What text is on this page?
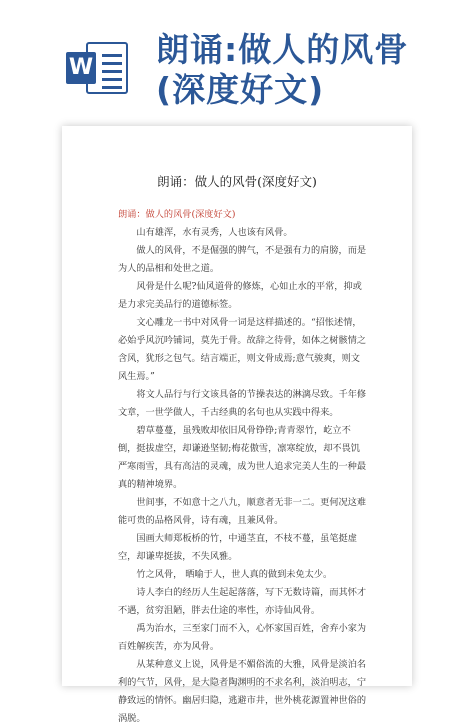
W 朗诵:做人的风骨
(深度好文)
朗诵：做人的风骨(深度好文)

朗诵：做人的风骨(深度好文)

山有雄浑，水有灵秀，人也该有风骨。

做人的风骨，不是倔强的脾气，不是强有力的肩膀，而是为人的品相和处世之道。

风骨是什么呢?仙风道骨的修炼，心如止水的平常，抑或是力求完美品行的道德标签。

文心雕龙一书中对风骨一词是这样描述的。“招怅述情，必始乎风沉吟铺词，莫先于骨。故辞之待骨，如体之树骸情之含风，犹形之包气。结言端正，则文骨成焉;意气骏爽，则文风生焉。”

将文人品行与行文该具备的节操表达的淋漓尽致。千年修文章，一世学做人，千古经典的名句也从实践中得来。

碧草蔓蔓，虽残败却依旧风骨铮铮;青青翠竹，屹立不倒，挺拔虚空，却谦逊坚韧;梅花傲雪，凛寒绽放，却不畏饥严寒雨雪，具有高洁的灵魂，成为世人追求完美人生的一种最真的精神境界。

世间事，不如意十之八九，顺意者无非一二。更何况这难能可贵的品格风骨，诗有魂，且兼风骨。

国画大师郑板桥的竹，中通茎直，不枝不蔓，虽笔挺虚空，却谦卑挺拔，不失风雅。

竹之风骨， 晒喻于人，世人真的做到未免太少。

诗人李白的经历人生起起落落，写下无数诗篇，而其怀才不遇，贫穷沮陋，胖去仕途的率性，亦诗仙风骨。

禹为治水，三至家门而不入，心怀家国百姓，舍弃小家为百姓解疾苦，亦为风骨。

从某种意义上说，风骨是不媚俗流的大雅，风骨是淡泊名利的气节，风骨，是大隐者陶渊明的不求名利，淡泊明志，宁静致远的情怀。幽居归隐，逃避市井，世外桃花源置神世俗的涡脱。
